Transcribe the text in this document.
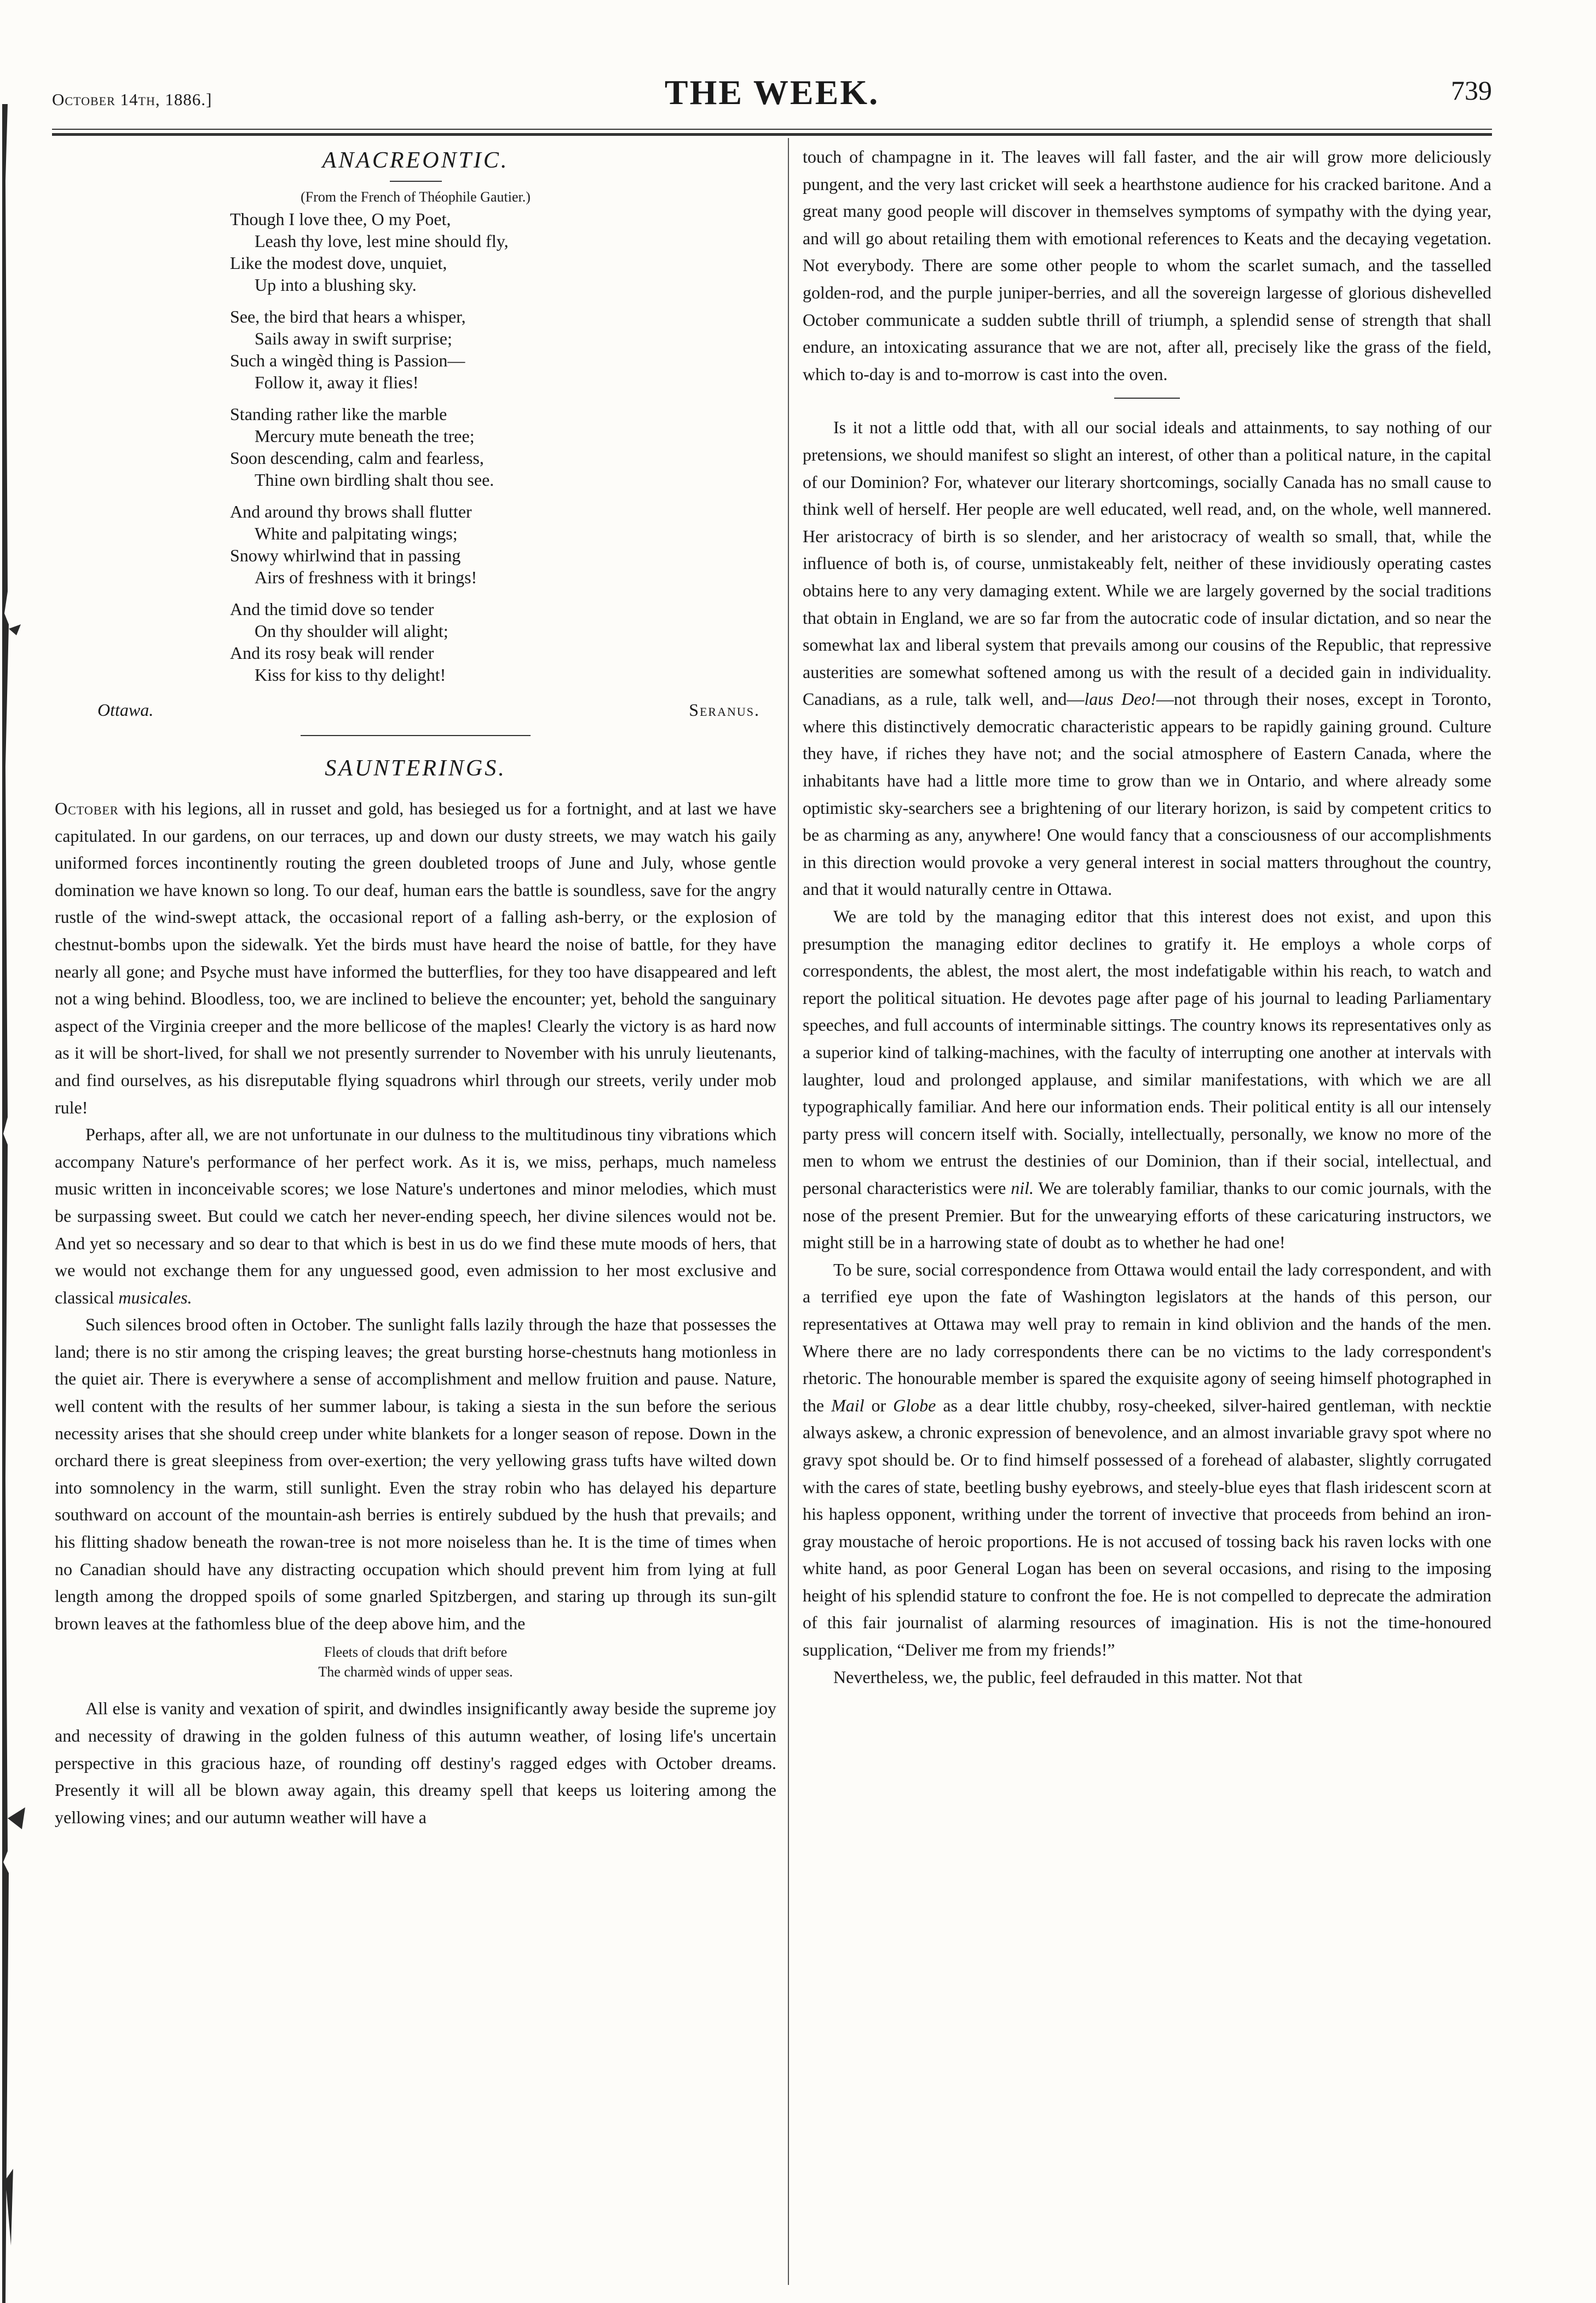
October 14th, 1886.]	THE WEEK.	739
ANACREONTIC.
(From the French of Théophile Gautier.)
Though I love thee, O my Poet,
Leash thy love, lest mine should fly,
Like the modest dove, unquiet,
Up into a blushing sky.
See, the bird that hears a whisper,
Sails away in swift surprise;
Such a wingèd thing is Passion—
Follow it, away it flies!
Standing rather like the marble
Mercury mute beneath the tree;
Soon descending, calm and fearless,
Thine own birdling shalt thou see.
And around thy brows shall flutter
White and palpitating wings;
Snowy whirlwind that in passing
Airs of freshness with it brings!
And the timid dove so tender
On thy shoulder will alight;
And its rosy beak will render
Kiss for kiss to thy delight!
Ottawa.	Seranus.
SAUNTERINGS.

October with his legions, all in russet and gold, has besieged us for a fortnight, and at last we have capitulated. In our gardens, on our terraces, up and down our dusty streets, we may watch his gaily uniformed forces incontinently routing the green doubleted troops of June and July, whose gentle domination we have known so long. To our deaf, human ears the battle is soundless, save for the angry rustle of the wind-swept attack, the occasional report of a falling ash-berry, or the explosion of chestnut-bombs upon the sidewalk. Yet the birds must have heard the noise of battle, for they have nearly all gone; and Psyche must have informed the butterflies, for they too have disappeared and left not a wing behind. Bloodless, too, we are inclined to believe the encounter; yet, behold the sanguinary aspect of the Virginia creeper and the more bellicose of the maples! Clearly the victory is as hard now as it will be short-lived, for shall we not presently surrender to November with his unruly lieutenants, and find ourselves, as his disreputable flying squadrons whirl through our streets, verily under mob rule!

Perhaps, after all, we are not unfortunate in our dulness to the multitudinous tiny vibrations which accompany Nature's performance of her perfect work. As it is, we miss, perhaps, much nameless music written in inconceivable scores; we lose Nature's undertones and minor melodies, which must be surpassing sweet. But could we catch her never-ending speech, her divine silences would not be. And yet so necessary and so dear to that which is best in us do we find these mute moods of hers, that we would not exchange them for any unguessed good, even admission to her most exclusive and classical musicales.

Such silences brood often in October. The sunlight falls lazily through the haze that possesses the land; there is no stir among the crisping leaves; the great bursting horse-chestnuts hang motionless in the quiet air. There is everywhere a sense of accomplishment and mellow fruition and pause. Nature, well content with the results of her summer labour, is taking a siesta in the sun before the serious necessity arises that she should creep under white blankets for a longer season of repose. Down in the orchard there is great sleepiness from over-exertion; the very yellowing grass tufts have wilted down into somnolency in the warm, still sunlight. Even the stray robin who has delayed his departure southward on account of the mountain-ash berries is entirely subdued by the hush that prevails; and his flitting shadow beneath the rowan-tree is not more noiseless than he. It is the time of times when no Canadian should have any distracting occupation which should prevent him from lying at full length among the dropped spoils of some gnarled Spitzbergen, and staring up through its sun-gilt brown leaves at the fathomless blue of the deep above him, and the

Fleets of clouds that drift before
The charmèd winds of upper seas.

All else is vanity and vexation of spirit, and dwindles insignificantly away beside the supreme joy and necessity of drawing in the golden fulness of this autumn weather, of losing life's uncertain perspective in this gracious haze, of rounding off destiny's ragged edges with October dreams. Presently it will all be blown away again, this dreamy spell that keeps us loitering among the yellowing vines; and our autumn weather will have a

touch of champagne in it. The leaves will fall faster, and the air will grow more deliciously pungent, and the very last cricket will seek a hearthstone audience for his cracked baritone. And a great many good people will discover in themselves symptoms of sympathy with the dying year, and will go about retailing them with emotional references to Keats and the decaying vegetation. Not everybody. There are some other people to whom the scarlet sumach, and the tasselled golden-rod, and the purple juniper-berries, and all the sovereign largesse of glorious dishevelled October communicate a sudden subtle thrill of triumph, a splendid sense of strength that shall endure, an intoxicating assurance that we are not, after all, precisely like the grass of the field, which to-day is and to-morrow is cast into the oven.

Is it not a little odd that, with all our social ideals and attainments, to say nothing of our pretensions, we should manifest so slight an interest, of other than a political nature, in the capital of our Dominion? For, whatever our literary shortcomings, socially Canada has no small cause to think well of herself. Her people are well educated, well read, and, on the whole, well mannered. Her aristocracy of birth is so slender, and her aristocracy of wealth so small, that, while the influence of both is, of course, unmistakeably felt, neither of these invidiously operating castes obtains here to any very damaging extent. While we are largely governed by the social traditions that obtain in England, we are so far from the autocratic code of insular dictation, and so near the somewhat lax and liberal system that prevails among our cousins of the Republic, that repressive austerities are somewhat softened among us with the result of a decided gain in individuality. Canadians, as a rule, talk well, and—laus Deo!—not through their noses, except in Toronto, where this distinctively democratic characteristic appears to be rapidly gaining ground. Culture they have, if riches they have not; and the social atmosphere of Eastern Canada, where the inhabitants have had a little more time to grow than we in Ontario, and where already some optimistic sky-searchers see a brightening of our literary horizon, is said by competent critics to be as charming as any, anywhere! One would fancy that a consciousness of our accomplishments in this direction would provoke a very general interest in social matters throughout the country, and that it would naturally centre in Ottawa.

We are told by the managing editor that this interest does not exist, and upon this presumption the managing editor declines to gratify it. He employs a whole corps of correspondents, the ablest, the most alert, the most indefatigable within his reach, to watch and report the political situation. He devotes page after page of his journal to leading Parliamentary speeches, and full accounts of interminable sittings. The country knows its representatives only as a superior kind of talking-machines, with the faculty of interrupting one another at intervals with laughter, loud and prolonged applause, and similar manifestations, with which we are all typographically familiar. And here our information ends. Their political entity is all our intensely party press will concern itself with. Socially, intellectually, personally, we know no more of the men to whom we entrust the destinies of our Dominion, than if their social, intellectual, and personal characteristics were nil. We are tolerably familiar, thanks to our comic journals, with the nose of the present Premier. But for the unwearying efforts of these caricaturing instructors, we might still be in a harrowing state of doubt as to whether he had one!

To be sure, social correspondence from Ottawa would entail the lady correspondent, and with a terrified eye upon the fate of Washington legislators at the hands of this person, our representatives at Ottawa may well pray to remain in kind oblivion and the hands of the men. Where there are no lady correspondents there can be no victims to the lady correspondent's rhetoric. The honourable member is spared the exquisite agony of seeing himself photographed in the Mail or Globe as a dear little chubby, rosy-cheeked, silver-haired gentleman, with necktie always askew, a chronic expression of benevolence, and an almost invariable gravy spot where no gravy spot should be. Or to find himself possessed of a forehead of alabaster, slightly corrugated with the cares of state, beetling bushy eyebrows, and steely-blue eyes that flash iridescent scorn at his hapless opponent, writhing under the torrent of invective that proceeds from behind an iron-gray moustache of heroic proportions. He is not accused of tossing back his raven locks with one white hand, as poor General Logan has been on several occasions, and rising to the imposing height of his splendid stature to confront the foe. He is not compelled to deprecate the admiration of this fair journalist of alarming resources of imagination. His is not the time-honoured supplication, “Deliver me from my friends!”

Nevertheless, we, the public, feel defrauded in this matter. Not that
